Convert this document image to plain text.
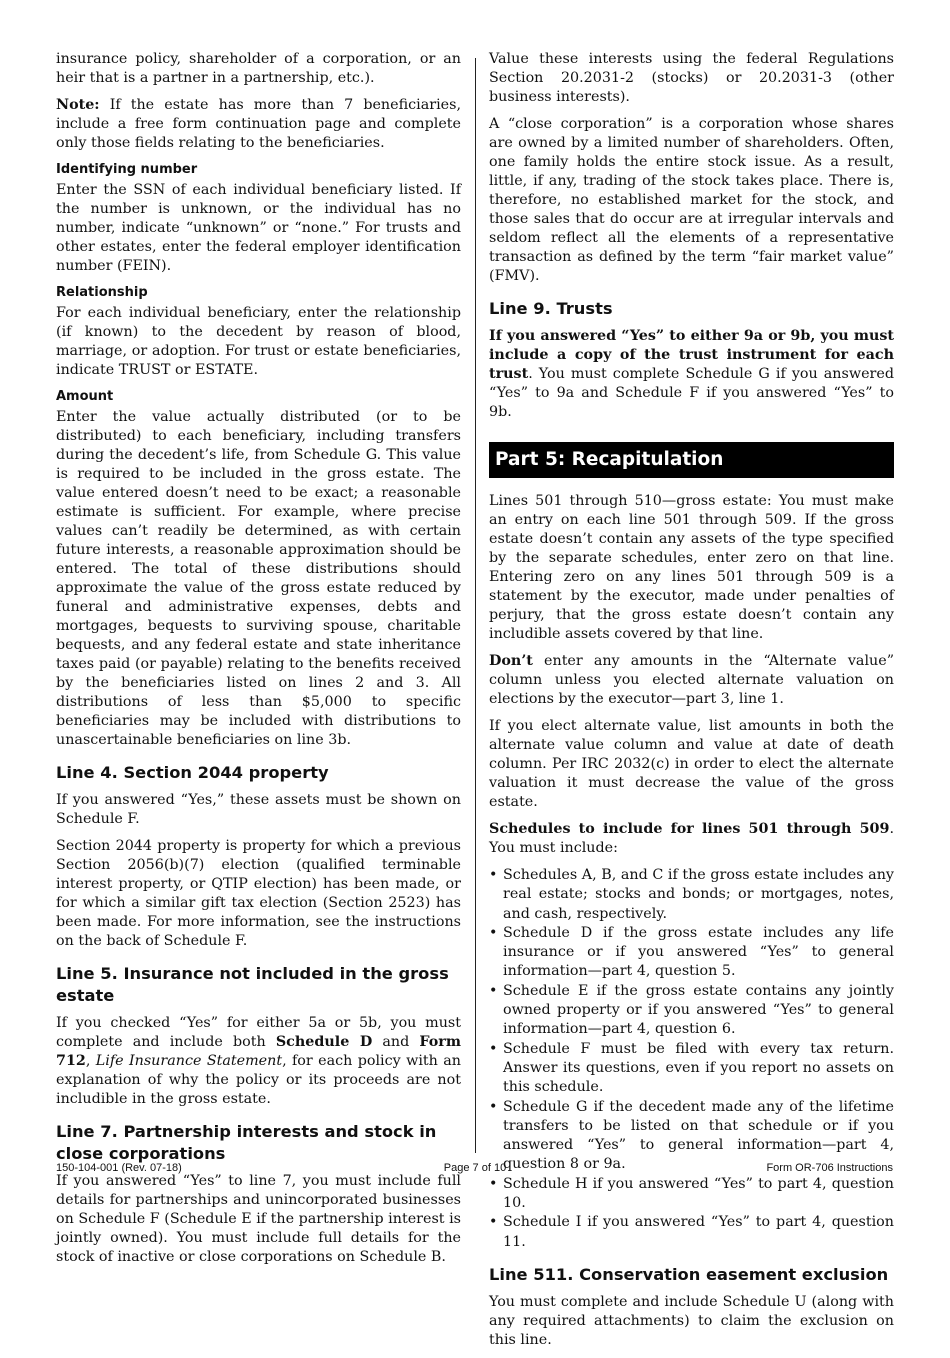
insurance policy, shareholder of a corporation, or an heir that is a partner in a partnership, etc.).

Note: If the estate has more than 7 beneficiaries, include a free form continuation page and complete only those fields relating to the beneficiaries.

Identifying number

Enter the SSN of each individual beneficiary listed. If the number is unknown, or the individual has no number, indicate “unknown” or “none.” For trusts and other estates, enter the federal employer identification number (FEIN).

Relationship

For each individual beneficiary, enter the relationship (if known) to the decedent by reason of blood, marriage, or adoption. For trust or estate beneficiaries, indicate TRUST or ESTATE.

Amount

Enter the value actually distributed (or to be distributed) to each beneficiary, including transfers during the decedent’s life, from Schedule G. This value is required to be included in the gross estate. The value entered doesn’t need to be exact; a reasonable estimate is sufficient. For example, where precise values can’t readily be determined, as with certain future interests, a reasonable approximation should be entered. The total of these distributions should approximate the value of the gross estate reduced by funeral and administrative expenses, debts and mortgages, bequests to surviving spouse, charitable bequests, and any federal estate and state inheritance taxes paid (or payable) relating to the benefits received by the beneficiaries listed on lines 2 and 3. All distributions of less than $5,000 to specific beneficiaries may be included with distributions to unascertainable beneficiaries on line 3b.

Line 4. Section 2044 property

If you answered “Yes,” these assets must be shown on Schedule F.

Section 2044 property is property for which a previous Section 2056(b)(7) election (qualified terminable interest property, or QTIP election) has been made, or for which a similar gift tax election (Section 2523) has been made. For more information, see the instructions on the back of Schedule F.

Line 5. Insurance not included in the gross estate

If you checked “Yes” for either 5a or 5b, you must complete and include both Schedule D and Form 712, Life Insurance Statement, for each policy with an explanation of why the policy or its proceeds are not includible in the gross estate.

Line 7. Partnership interests and stock in close corporations

If you answered “Yes” to line 7, you must include full details for partnerships and unincorporated businesses on Schedule F (Schedule E if the partnership interest is jointly owned). You must include full details for the stock of inactive or close corporations on Schedule B.

Value these interests using the federal Regulations Section 20.2031-2 (stocks) or 20.2031-3 (other business interests).

A “close corporation” is a corporation whose shares are owned by a limited number of shareholders. Often, one family holds the entire stock issue. As a result, little, if any, trading of the stock takes place. There is, therefore, no established market for the stock, and those sales that do occur are at irregular intervals and seldom reflect all the elements of a representative transaction as defined by the term “fair market value” (FMV).

Line 9. Trusts

If you answered “Yes” to either 9a or 9b, you must include a copy of the trust instrument for each trust. You must complete Schedule G if you answered “Yes” to 9a and Schedule F if you answered “Yes” to 9b.

Part 5: Recapitulation

Lines 501 through 510—gross estate: You must make an entry on each line 501 through 509. If the gross estate doesn’t contain any assets of the type specified by the separate schedules, enter zero on that line. Entering zero on any lines 501 through 509 is a statement by the executor, made under penalties of perjury, that the gross estate doesn’t contain any includible assets covered by that line.

Don’t enter any amounts in the “Alternate value” column unless you elected alternate valuation on elections by the executor—part 3, line 1.

If you elect alternate value, list amounts in both the alternate value column and value at date of death column. Per IRC 2032(c) in order to elect the alternate valuation it must decrease the value of the gross estate.

Schedules to include for lines 501 through 509. You must include:

• Schedules A, B, and C if the gross estate includes any real estate; stocks and bonds; or mortgages, notes, and cash, respectively.
• Schedule D if the gross estate includes any life insurance or if you answered “Yes” to general information—part 4, question 5.
• Schedule E if the gross estate contains any jointly owned property or if you answered “Yes” to general information—part 4, question 6.
• Schedule F must be filed with every tax return. Answer its questions, even if you report no assets on this schedule.
• Schedule G if the decedent made any of the lifetime transfers to be listed on that schedule or if you answered “Yes” to general information—part 4, question 8 or 9a.
• Schedule H if you answered “Yes” to part 4, question 10.
• Schedule I if you answered “Yes” to part 4, question 11.
Line 511. Conservation easement exclusion

You must complete and include Schedule U (along with any required attachments) to claim the exclusion on this line.

150-104-001 (Rev. 07-18)	Page 7 of 10	Form OR-706 Instructions
